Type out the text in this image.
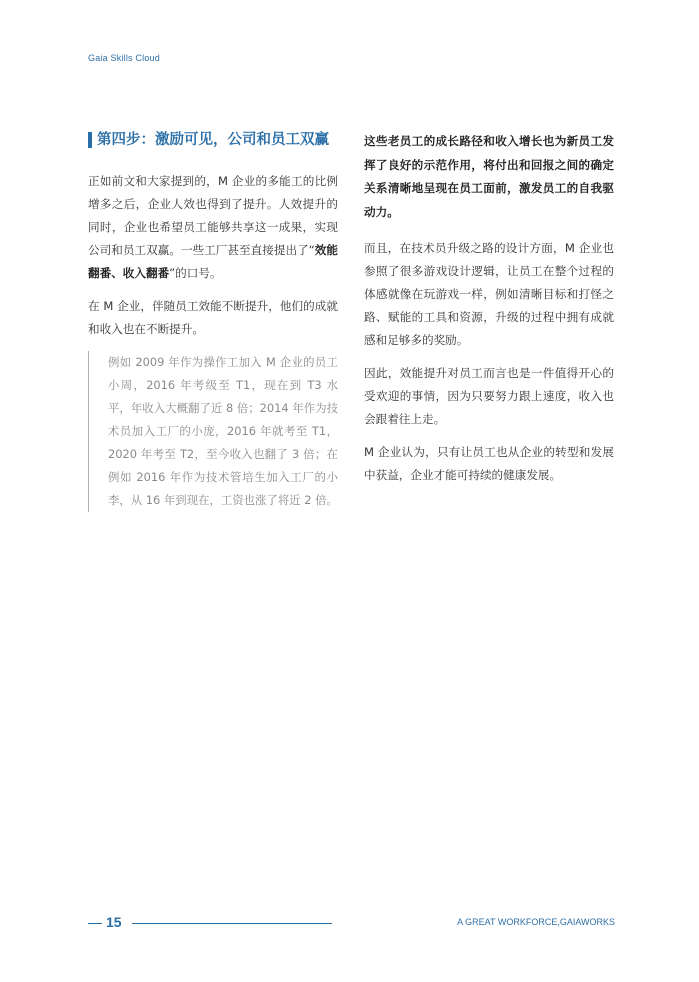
Gaia Skills Cloud
第四步：激励可见，公司和员工双赢

正如前文和大家提到的，M 企业的多能工的比例增多之后，企业人效也得到了提升。人效提升的同时，企业也希望员工能够共享这一成果，实现公司和员工双赢。一些工厂甚至直接提出了“效能翻番、收入翻番”的口号。

在 M 企业，伴随员工效能不断提升，他们的成就和收入也在不断提升。

例如 2009 年作为操作工加入 M 企业的员工小周，2016 年考级至 T1，现在到 T3 水平，年收入大概翻了近 8 倍；2014 年作为技术员加入工厂的小庞，2016 年就考至 T1，2020 年考至 T2，至今收入也翻了 3 倍；在例如 2016 年作为技术管培生加入工厂的小李，从 16 年到现在，工资也涨了将近 2 倍。

这些老员工的成长路径和收入增长也为新员工发挥了良好的示范作用，将付出和回报之间的确定关系清晰地呈现在员工面前，激发员工的自我驱动力。

而且，在技术员升级之路的设计方面，M 企业也参照了很多游戏设计逻辑，让员工在整个过程的体感就像在玩游戏一样，例如清晰目标和打怪之路、赋能的工具和资源，升级的过程中拥有成就感和足够多的奖励。

因此，效能提升对员工而言也是一件值得开心的受欢迎的事情，因为只要努力跟上速度，收入也会跟着往上走。

M 企业认为，只有让员工也从企业的转型和发展中获益，企业才能可持续的健康发展。

15	A GREAT WORKFORCE,GAIAWORKS
